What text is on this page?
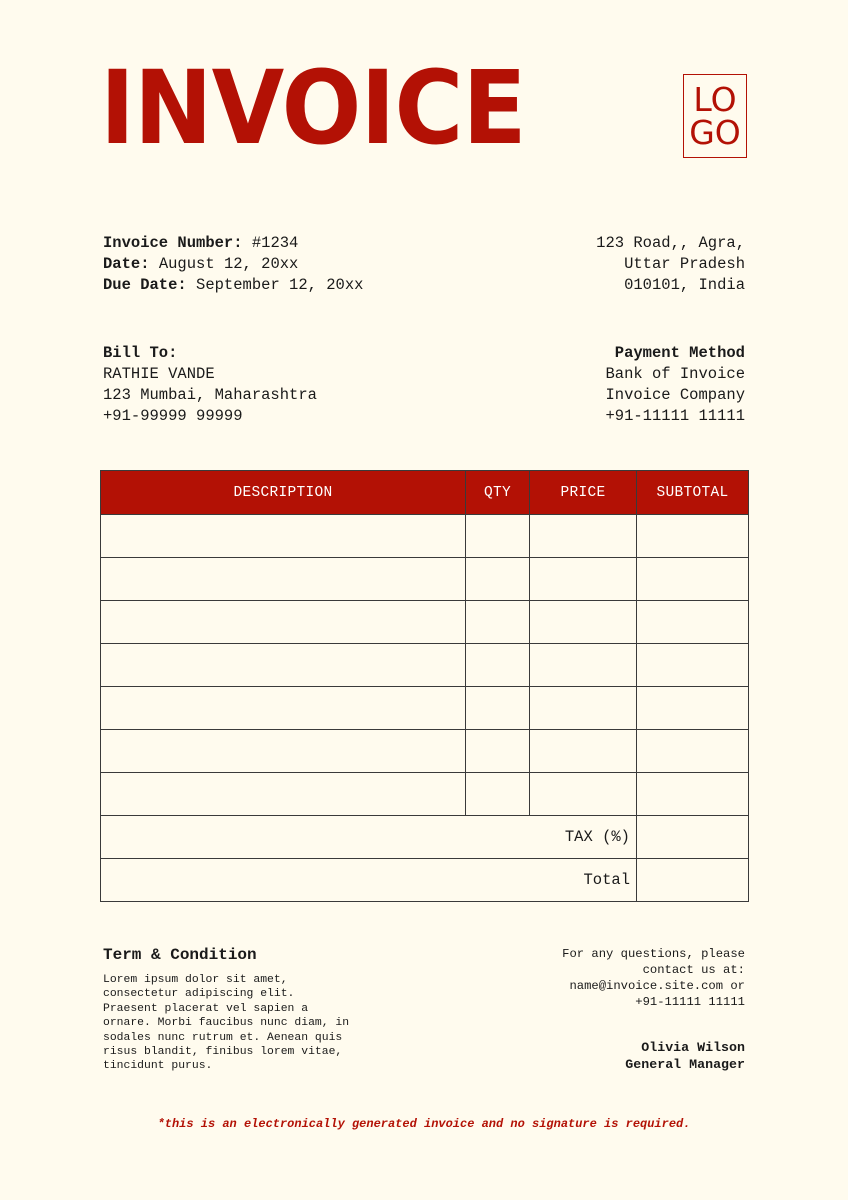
INVOICE	LO
GO
Invoice Number: #1234
Date: August 12, 20xx
Due Date: September 12, 20xx
123 Road,, Agra,
Uttar Pradesh
010101, India
Bill To:
RATHIE VANDE
123 Mumbai, Maharashtra
+91-99999 99999
Payment Method
Bank of Invoice
Invoice Company
+91-11111 11111
DESCRIPTION	QTY	PRICE	SUBTOTAL

TAX (%)			
Total			
Term & Condition
Lorem ipsum dolor sit amet, consectetur adipiscing elit. Praesent placerat vel sapien a ornare. Morbi faucibus nunc diam, in sodales nunc rutrum et. Aenean quis risus blandit, finibus lorem vitae, tincidunt purus.
For any questions, please
contact us at:
name@invoice.site.com or
+91-11111 11111
Olivia Wilson
General Manager
*this is an electronically generated invoice and no signature is required.
